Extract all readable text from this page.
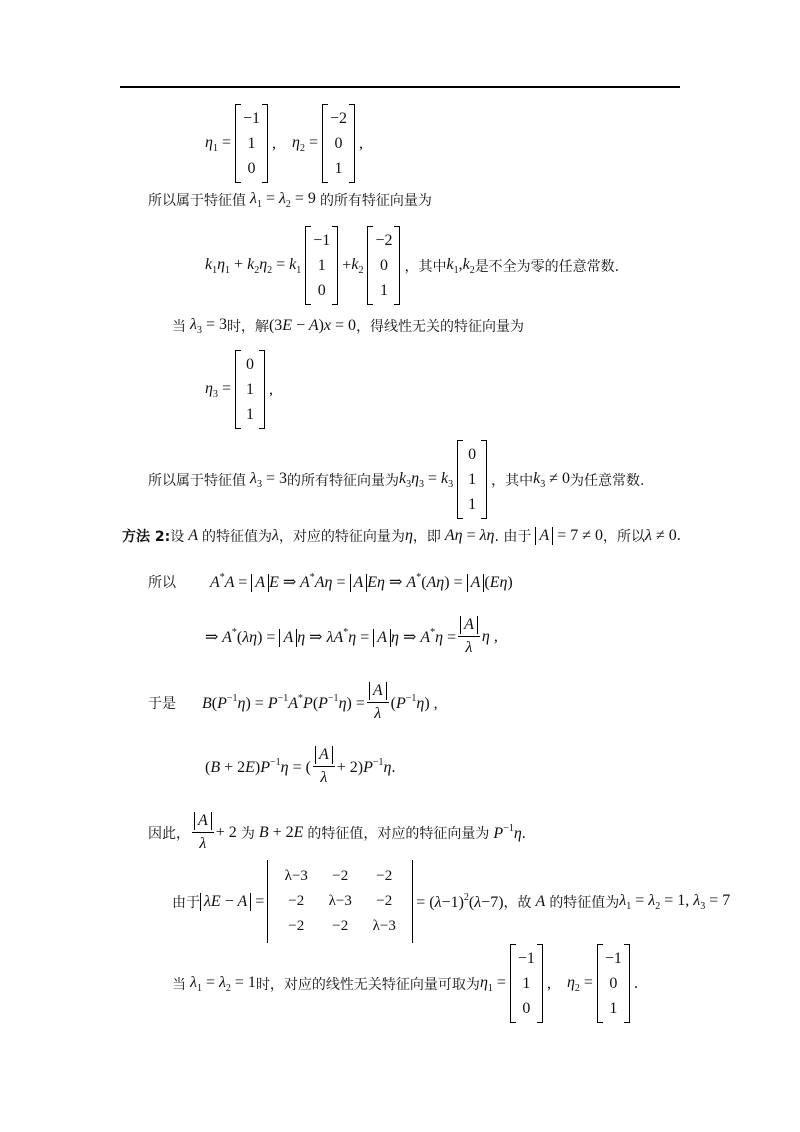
$\eta_1$ =
−1
1
0
, $\eta_2$ =
−2
0
1
,
所以属于特征值 $\lambda_1 = \lambda_2 = 9$ 的所有特征向量为
$k_1\eta_1 + k_2\eta_2 = k_1$
−1
1
0
+ $k_2$
−2
0
1
，其中 $k_1,k_2$ 是不全为零的任意常数.
当 $\lambda_3 = 3$ 时，解 (3E − A)x = 0 ，得线性无关的特征向量为
$\eta_3$ =
0
1
1
,
所以属于特征值 $\lambda_3 = 3$ 的所有特征向量为 $k_3\eta_3 = k_3$
0
1
1
，其中 $k_3 \ne 0$ 为任意常数.
方法 2: 设 A 的特征值为 λ ，对应的特征向量为 η ，即 Aη = λη . 由于 A = 7 ≠ 0 ，所以 λ ≠ 0.
所以 A*A = A E ⇒ A*Aη = A Eη ⇒ A*(Aη) = A (Eη)
⇒ A*(λη) = A η ⇒ λA*η = A η ⇒ $A^*\eta = \frac{A}{\lambda}$ η ,
于是 $B(P^{-1}\eta) = P^{-1}A^*P(P^{-1}\eta) = \frac{A}{\lambda} (P^{-1}\eta)$ ,
$(B + 2E)P^{-1}\eta$ = ( $\frac{A}{\lambda} + 2)P^{-1}\eta$.
因此， $\frac{A}{\lambda} + 2$ 为 B + 2E 的特征值，对应的特征向量为 $P^{-1}\eta$.
由于 λE − A =
λ−3	−2	−2
−2	λ−3	−2
−2	−2	λ−3
= $(\lambda-1)^2(\lambda-7)$ ，故 A 的特征值为 $\lambda_1 = \lambda_2 = 1$, $\lambda_3 = 7$
当 $\lambda_1 = \lambda_2 = 1$ 时，对应的线性无关特征向量可取为 $\eta_1$ =
−1
1
0
, $\eta_2$ =
−1
0
1
.
